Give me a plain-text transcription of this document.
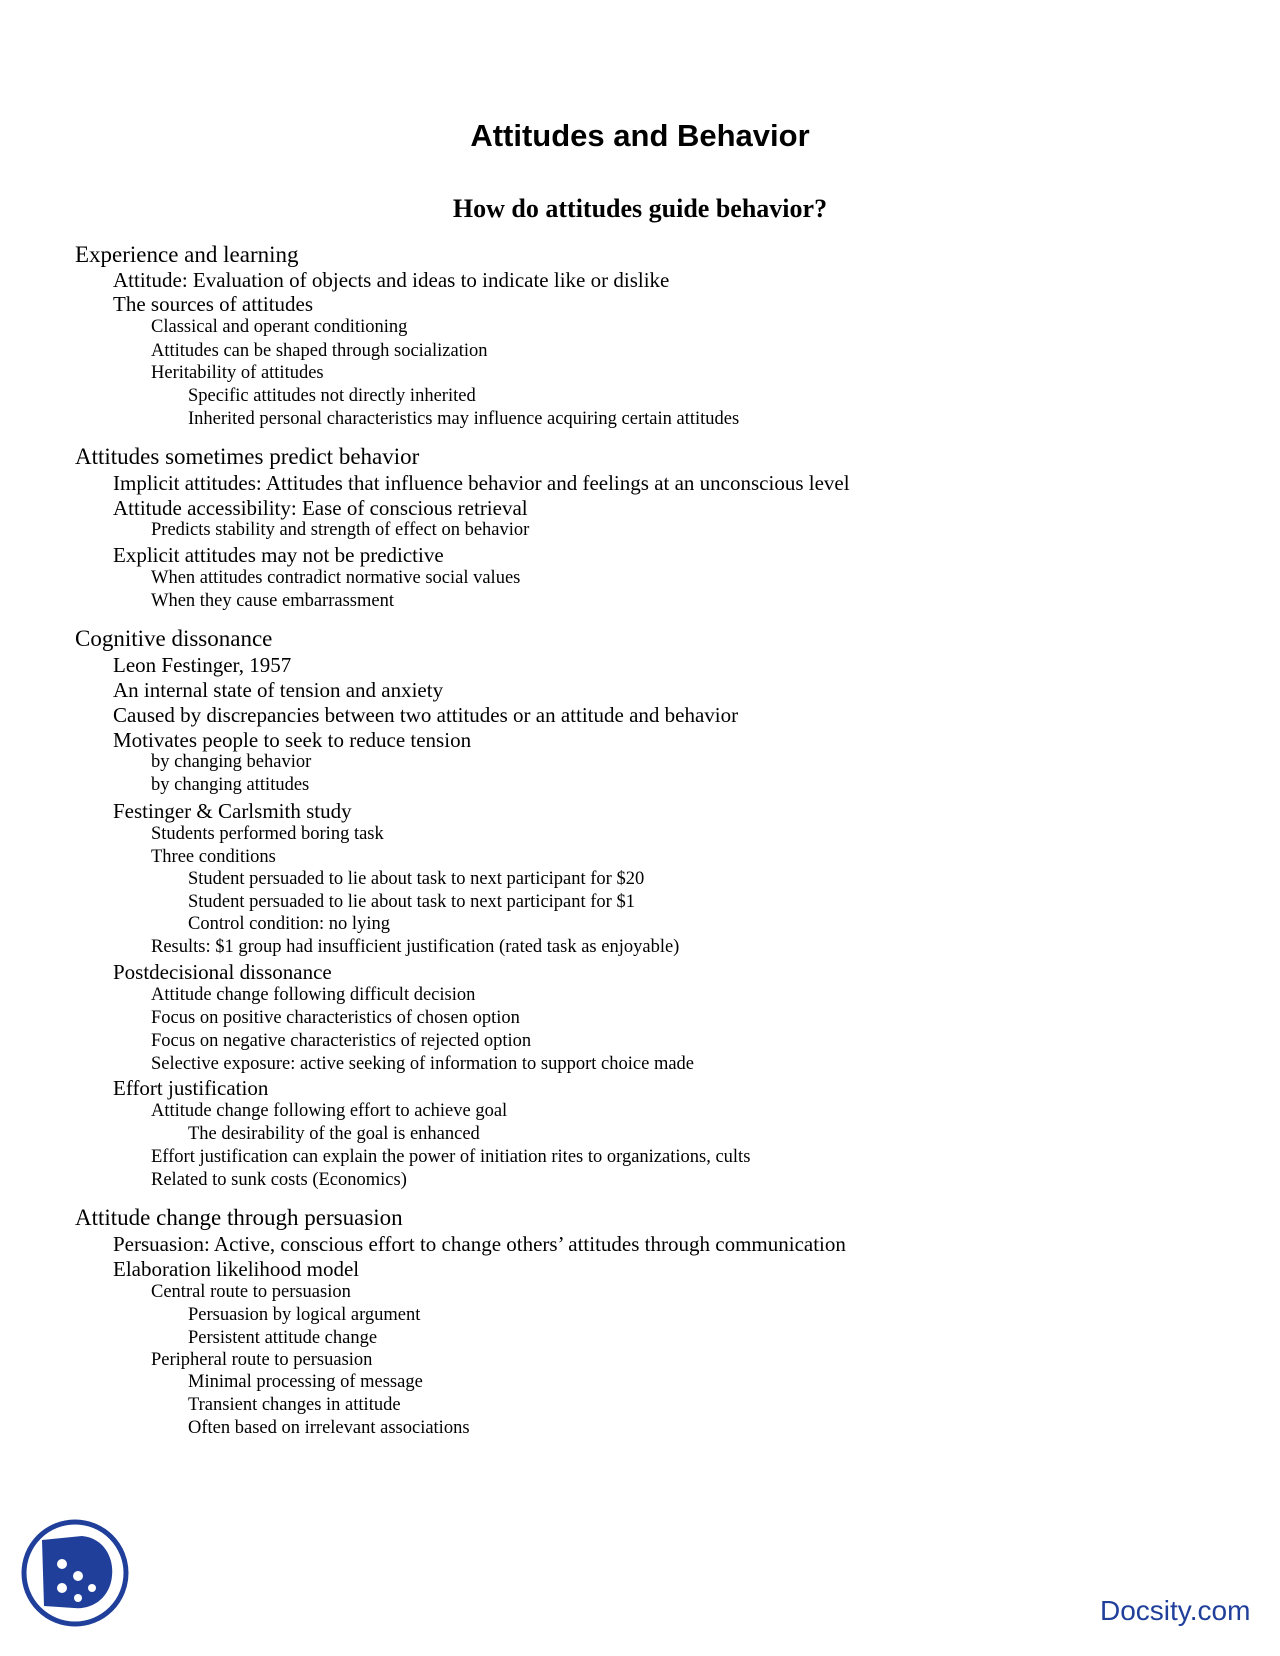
Attitudes and Behavior
How do attitudes guide behavior?
Experience and learning
Attitude: Evaluation of objects and ideas to indicate like or dislike
The sources of attitudes
Classical and operant conditioning
Attitudes can be shaped through socialization
Heritability of attitudes
Specific attitudes not directly inherited
Inherited personal characteristics may influence acquiring certain attitudes
Attitudes sometimes predict behavior
Implicit attitudes: Attitudes that influence behavior and feelings at an unconscious level
Attitude accessibility: Ease of conscious retrieval
Predicts stability and strength of effect on behavior
Explicit attitudes may not be predictive
When attitudes contradict normative social values
When they cause embarrassment
Cognitive dissonance
Leon Festinger, 1957
An internal state of tension and anxiety
Caused by discrepancies between two attitudes or an attitude and behavior
Motivates people to seek to reduce tension
by changing behavior
by changing attitudes
Festinger & Carlsmith study
Students performed boring task
Three conditions
Student persuaded to lie about task to next participant for $20
Student persuaded to lie about task to next participant for $1
Control condition: no lying
Results: $1 group had insufficient justification (rated task as enjoyable)
Postdecisional dissonance
Attitude change following difficult decision
Focus on positive characteristics of chosen option
Focus on negative characteristics of rejected option
Selective exposure: active seeking of information to support choice made
Effort justification
Attitude change following effort to achieve goal
The desirability of the goal is enhanced
Effort justification can explain the power of initiation rites to organizations, cults
Related to sunk costs (Economics)
Attitude change through persuasion
Persuasion: Active, conscious effort to change others’ attitudes through communication
Elaboration likelihood model
Central route to persuasion
Persuasion by logical argument
Persistent attitude change
Peripheral route to persuasion
Minimal processing of message
Transient changes in attitude
Often based on irrelevant associations
Docsity.com
